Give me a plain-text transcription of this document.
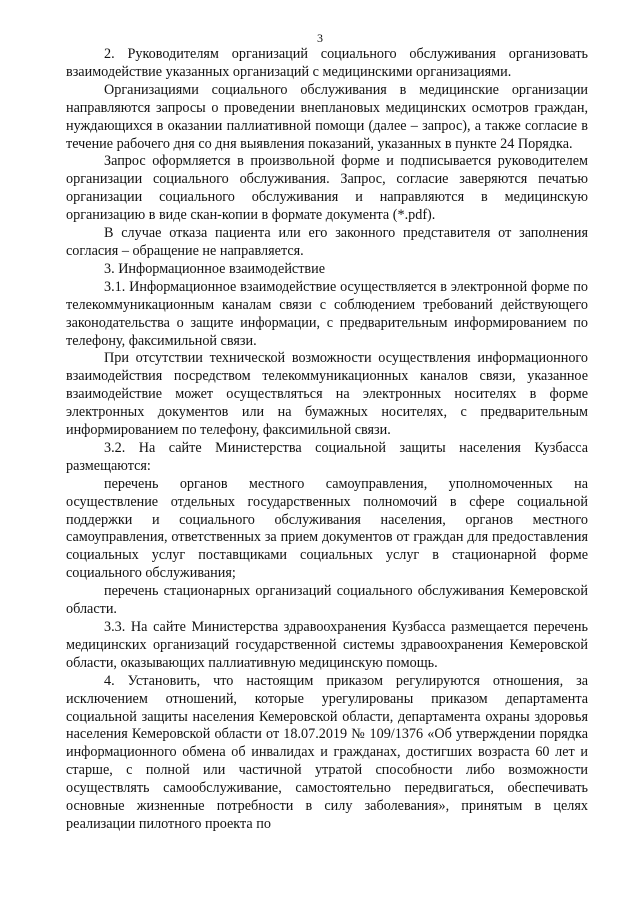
3

2. Руководителям организаций социального обслуживания организовать взаимодействие указанных организаций с медицинскими организациями.

Организациями социального обслуживания в медицинские организации направляются запросы о проведении внеплановых медицинских осмотров граждан, нуждающихся в оказании паллиативной помощи (далее – запрос), а также согласие в течение рабочего дня со дня выявления показаний, указанных в пункте 24 Порядка.

Запрос оформляется в произвольной форме и подписывается руководителем организации социального обслуживания. Запрос, согласие заверяются печатью организации социального обслуживания и направляются в медицинскую организацию в виде скан-копии в формате документа (*.pdf).

В случае отказа пациента или его законного представителя от заполнения согласия – обращение не направляется.

3. Информационное взаимодействие

3.1. Информационное взаимодействие осуществляется в электронной форме по телекоммуникационным каналам связи с соблюдением требований действующего законодательства о защите информации, с предварительным информированием по телефону, факсимильной связи.

При отсутствии технической возможности осуществления информационного взаимодействия посредством телекоммуникационных каналов связи, указанное взаимодействие может осуществляться на электронных носителях в форме электронных документов или на бумажных носителях, с предварительным информированием по телефону, факсимильной связи.

3.2. На сайте Министерства социальной защиты населения Кузбасса размещаются:

перечень органов местного самоуправления, уполномоченных на осуществление отдельных государственных полномочий в сфере социальной поддержки и социального обслуживания населения, органов местного самоуправления, ответственных за прием документов от граждан для предоставления социальных услуг поставщиками социальных услуг в стационарной форме социального обслуживания;

перечень стационарных организаций социального обслуживания Кемеровской области.

3.3. На сайте Министерства здравоохранения Кузбасса размещается перечень медицинских организаций государственной системы здравоохранения Кемеровской области, оказывающих паллиативную медицинскую помощь.

4. Установить, что настоящим приказом регулируются отношения, за исключением отношений, которые урегулированы приказом департамента социальной защиты населения Кемеровской области, департамента охраны здоровья населения Кемеровской области от 18.07.2019 № 109/1376 «Об утверждении порядка информационного обмена об инвалидах и гражданах, достигших возраста 60 лет и старше, с полной или частичной утратой способности либо возможности осуществлять самообслуживание, самостоятельно передвигаться, обеспечивать основные жизненные потребности в силу заболевания», принятым в целях реализации пилотного проекта по
